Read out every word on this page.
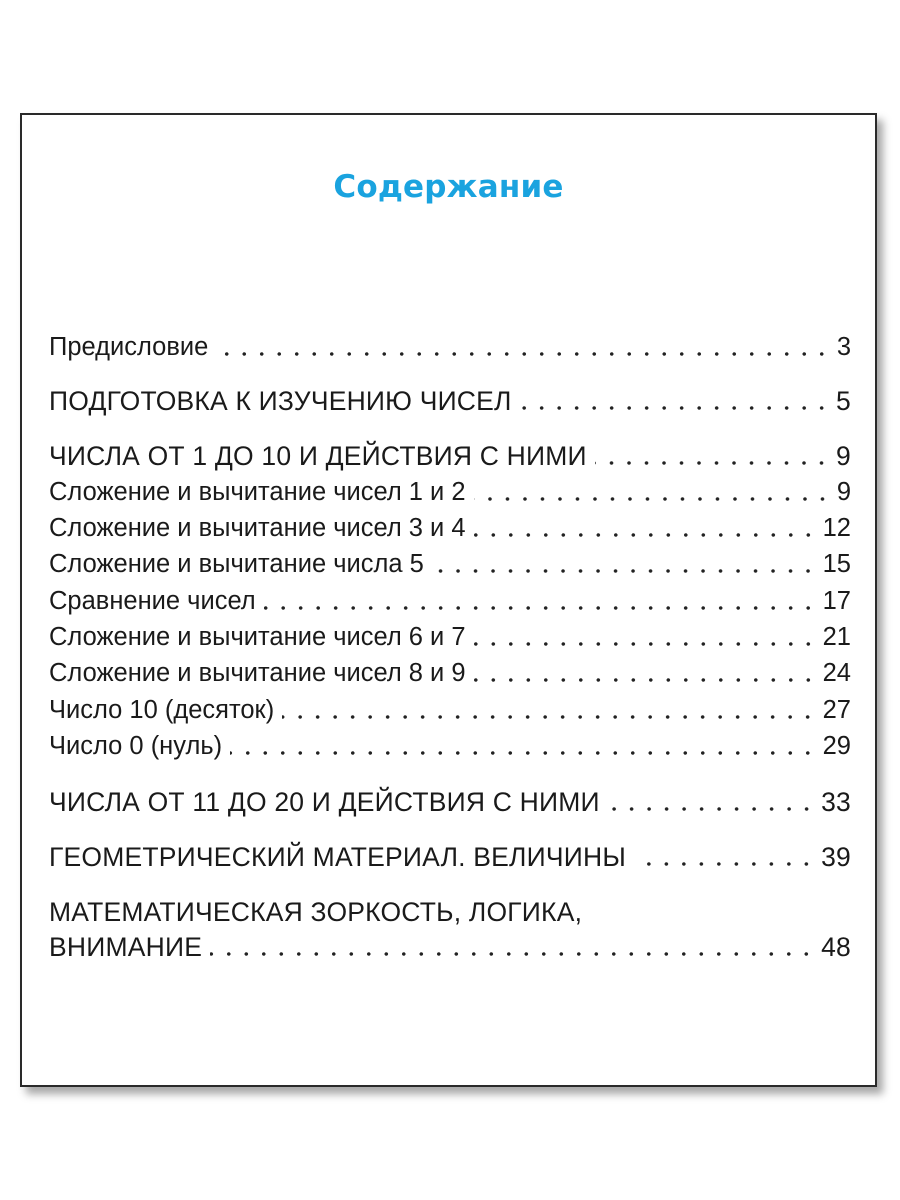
Содержание
Предисловие	3
ПОДГОТОВКА К ИЗУЧЕНИЮ ЧИСЕЛ	5
ЧИСЛА ОТ 1 ДО 10 И ДЕЙСТВИЯ С НИМИ	9
Сложение и вычитание чисел 1 и 2	9
Сложение и вычитание чисел 3 и 4	12
Сложение и вычитание числа 5	15
Сравнение чисел	17
Сложение и вычитание чисел 6 и 7	21
Сложение и вычитание чисел 8 и 9	24
Число 10 (десяток)	27
Число 0 (нуль)	29
ЧИСЛА ОТ 11 ДО 20 И ДЕЙСТВИЯ С НИМИ	33
ГЕОМЕТРИЧЕСКИЙ МАТЕРИАЛ. ВЕЛИЧИНЫ	39
МАТЕМАТИЧЕСКАЯ ЗОРКОСТЬ, ЛОГИКА,
ВНИМАНИЕ	48
